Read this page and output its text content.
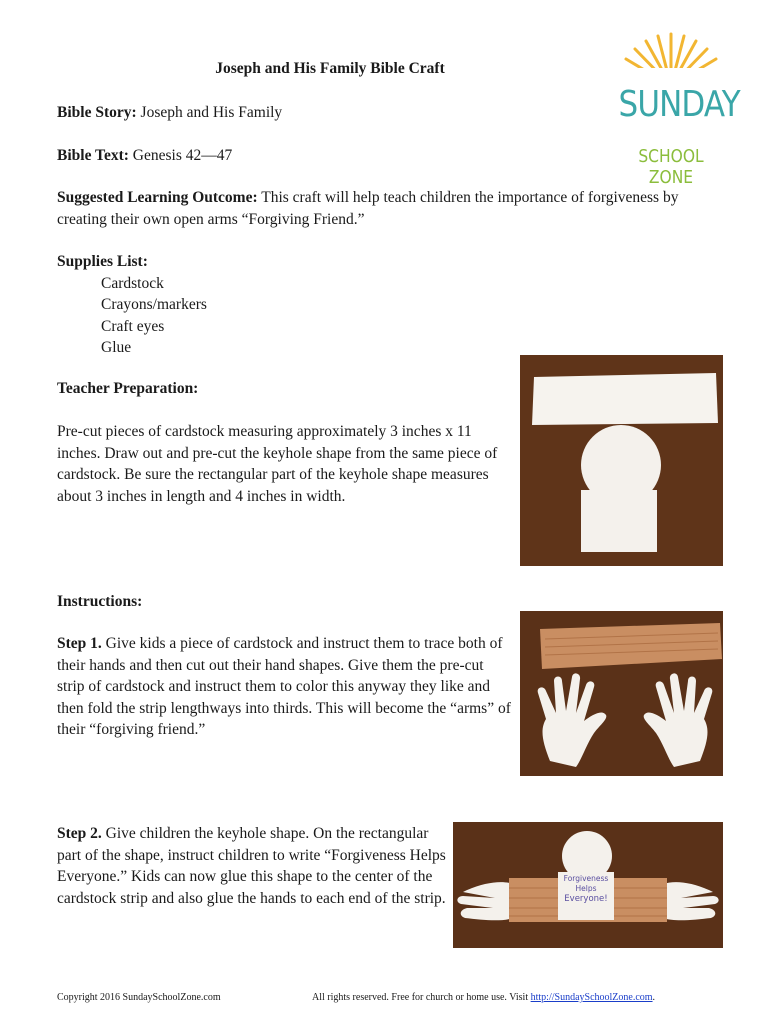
Joseph and His Family Bible Craft
SUNDAY
SCHOOL ZONE
Bible Story: Joseph and His Family
Bible Text: Genesis 42—47
Suggested Learning Outcome: This craft will help teach children the importance of forgiveness by creating their own open arms “Forgiving Friend.”
Supplies List:
Cardstock
Crayons/markers
Craft eyes
Glue
Teacher Preparation:
Pre-cut pieces of cardstock measuring approximately 3 inches x 11 inches. Draw out and pre-cut the keyhole shape from the same piece of cardstock. Be sure the rectangular part of the keyhole shape measures about 3 inches in length and 4 inches in width.
Instructions:
Step 1. Give kids a piece of cardstock and instruct them to trace both of their hands and then cut out their hand shapes. Give them the pre-cut strip of cardstock and instruct them to color this anyway they like and then fold the strip lengthways into thirds. This will become the “arms” of their “forgiving friend.”
Step 2. Give children the keyhole shape. On the rectangular part of the shape, instruct children to write “Forgiveness Helps Everyone.” Kids can now glue this shape to the center of the cardstock strip and also glue the hands to each end of the strip.
Forgiveness
Helps
Everyone!
Copyright 2016 SundaySchoolZone.com	All rights reserved. Free for church or home use. Visit http://SundaySchoolZone.com.
